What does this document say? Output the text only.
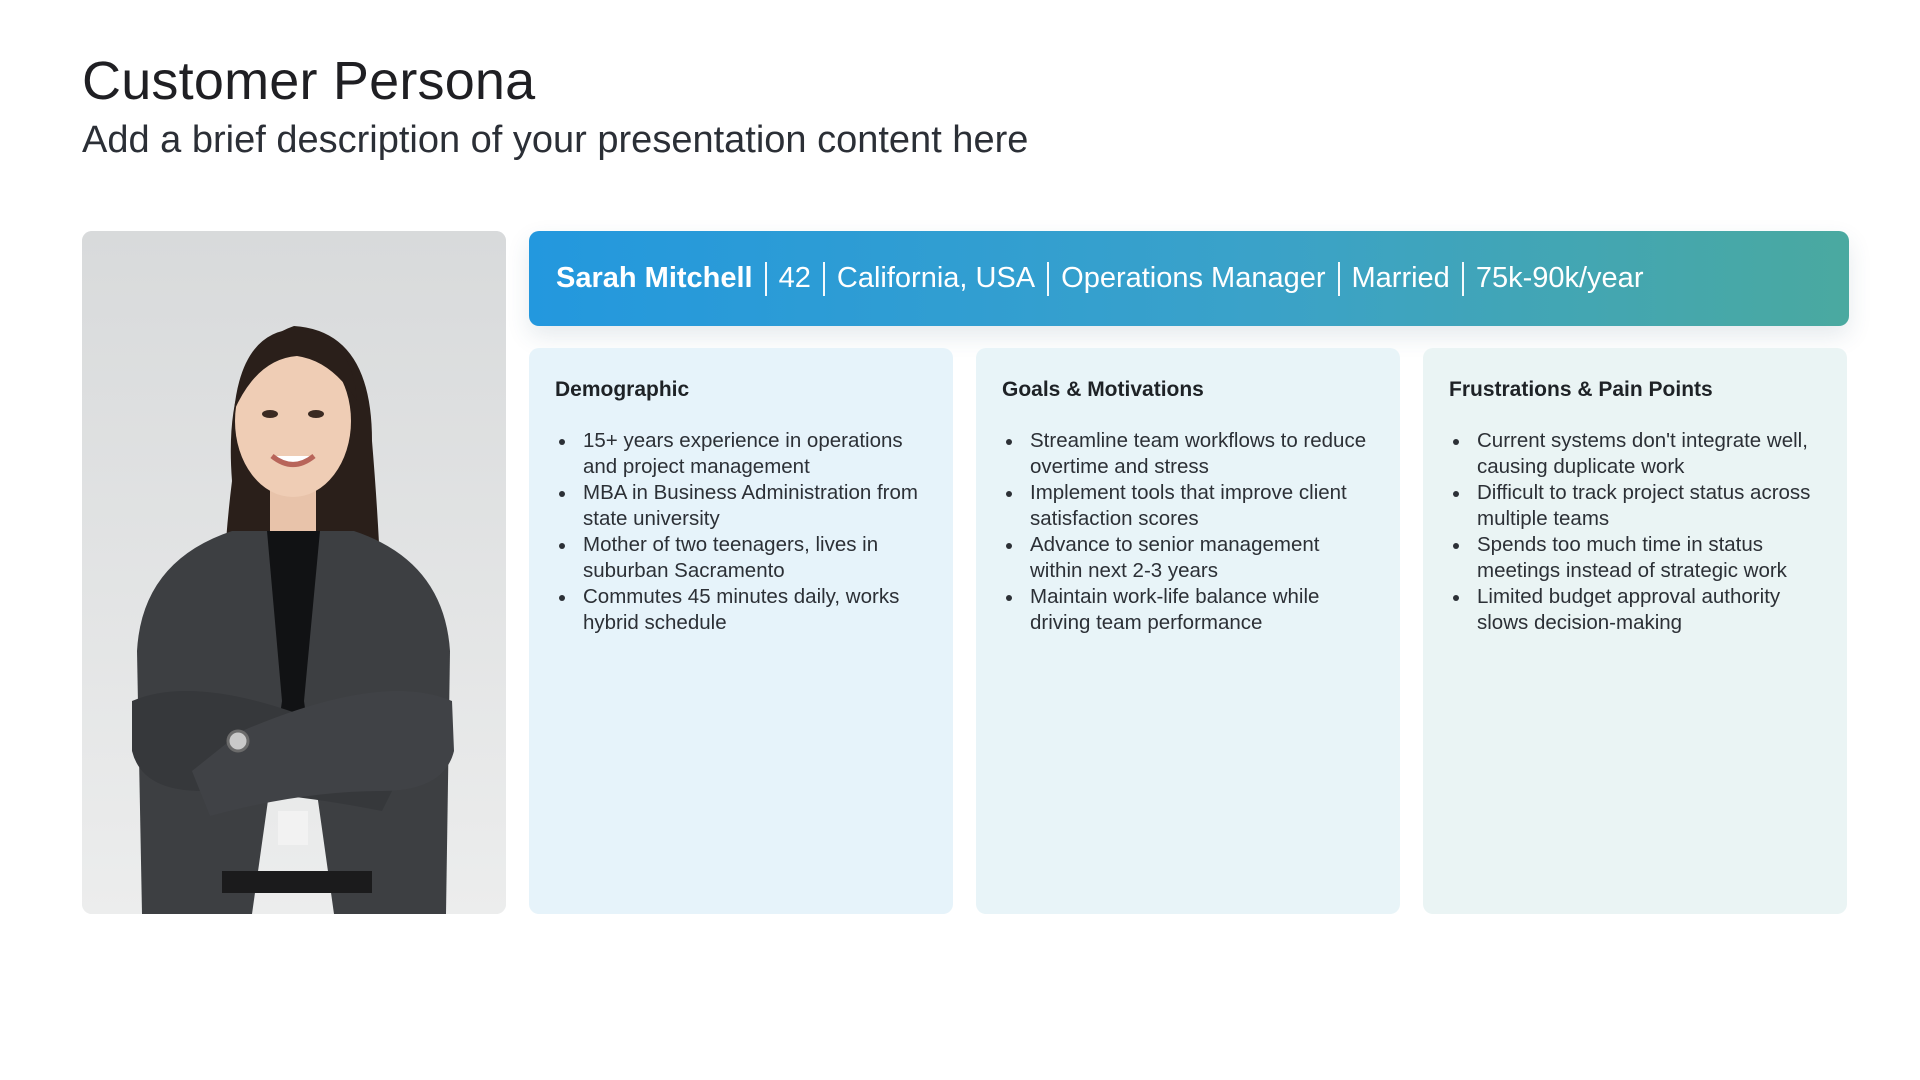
Customer Persona
Add a brief description of your presentation content here
Sarah Mitchell 42 California, USA Operations Manager Married 75k-90k/year
Demographic
15+ years experience in operations and project management
MBA in Business Administration from state university
Mother of two teenagers, lives in suburban Sacramento
Commutes 45 minutes daily, works hybrid schedule
Goals & Motivations
Streamline team workflows to reduce overtime and stress
Implement tools that improve client satisfaction scores
Advance to senior management within next 2-3 years
Maintain work-life balance while driving team performance
Frustrations & Pain Points
Current systems don't integrate well, causing duplicate work
Difficult to track project status across multiple teams
Spends too much time in status meetings instead of strategic work
Limited budget approval authority slows decision-making
